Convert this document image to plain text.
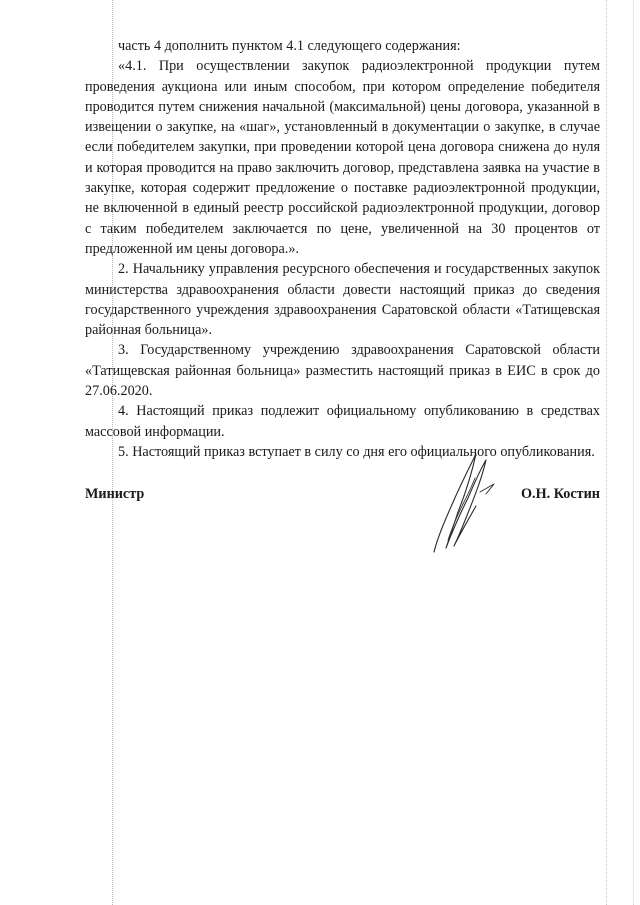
часть 4 дополнить пунктом 4.1 следующего содержания:

«4.1. При осуществлении закупок радиоэлектронной продукции путем проведения аукциона или иным способом, при котором определение победителя проводится путем снижения начальной (максимальной) цены договора, указанной в извещении о закупке, на «шаг», установленный в документации о закупке, в случае если победителем закупки, при проведении которой цена договора снижена до нуля и которая проводится на право заключить договор, представлена заявка на участие в закупке, которая содержит предложение о поставке радиоэлектронной продукции, не включенной в единый реестр российской радиоэлектронной продукции, договор с таким победителем заключается по цене, увеличенной на 30 процентов от предложенной им цены договора.».

2. Начальнику управления ресурсного обеспечения и государственных закупок министерства здравоохранения области довести настоящий приказ до сведения государственного учреждения здравоохранения Саратовской области «Татищевская районная больница».

3. Государственному учреждению здравоохранения Саратовской области «Татищевская районная больница» разместить настоящий приказ в ЕИС в срок до 27.06.2020.

4. Настоящий приказ подлежит официальному опубликованию в средствах массовой информации.

5. Настоящий приказ вступает в силу со дня его официального опубликования.

Министр	О.Н. Костин
